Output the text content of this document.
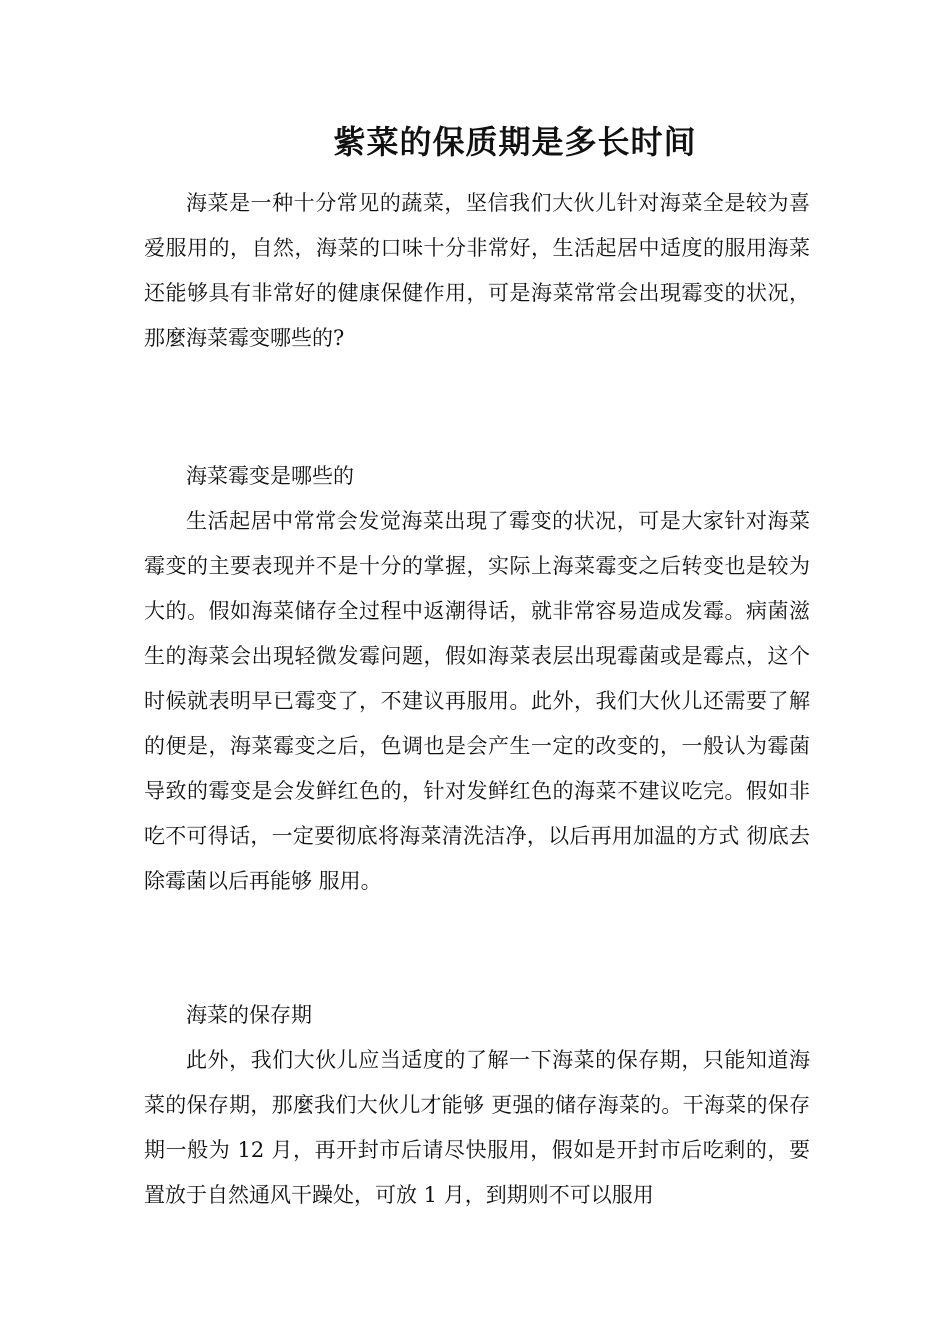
紫菜的保质期是多长时间

海菜是一种十分常见的蔬菜，坚信我们大伙儿针对海菜全是较为喜爱服用的，自然，海菜的口味十分非常好，生活起居中适度的服用海菜还能够具有非常好的健康保健作用，可是海菜常常会出現霉变的状况，那麼海菜霉变哪些的?

海菜霉变是哪些的

生活起居中常常会发觉海菜出現了霉变的状况，可是大家针对海菜霉变的主要表现并不是十分的掌握，实际上海菜霉变之后转变也是较为大的。假如海菜储存全过程中返潮得话，就非常容易造成发霉。病菌滋生的海菜会出現轻微发霉问题，假如海菜表层出現霉菌或是霉点，这个时候就表明早已霉变了，不建议再服用。此外，我们大伙儿还需要了解的便是，海菜霉变之后，色调也是会产生一定的改变的，一般认为霉菌导致的霉变是会发鲜红色的，针对发鲜红色的海菜不建议吃完。假如非吃不可得话，一定要彻底将海菜清洗洁净，以后再用加温的方式 彻底去除霉菌以后再能够 服用。

海菜的保存期

此外，我们大伙儿应当适度的了解一下海菜的保存期，只能知道海菜的保存期，那麼我们大伙儿才能够 更强的储存海菜的。干海菜的保存期一般为 12 月，再开封市后请尽快服用，假如是开封市后吃剩的，要置放于自然通风干躁处，可放 1 月，到期则不可以服用
